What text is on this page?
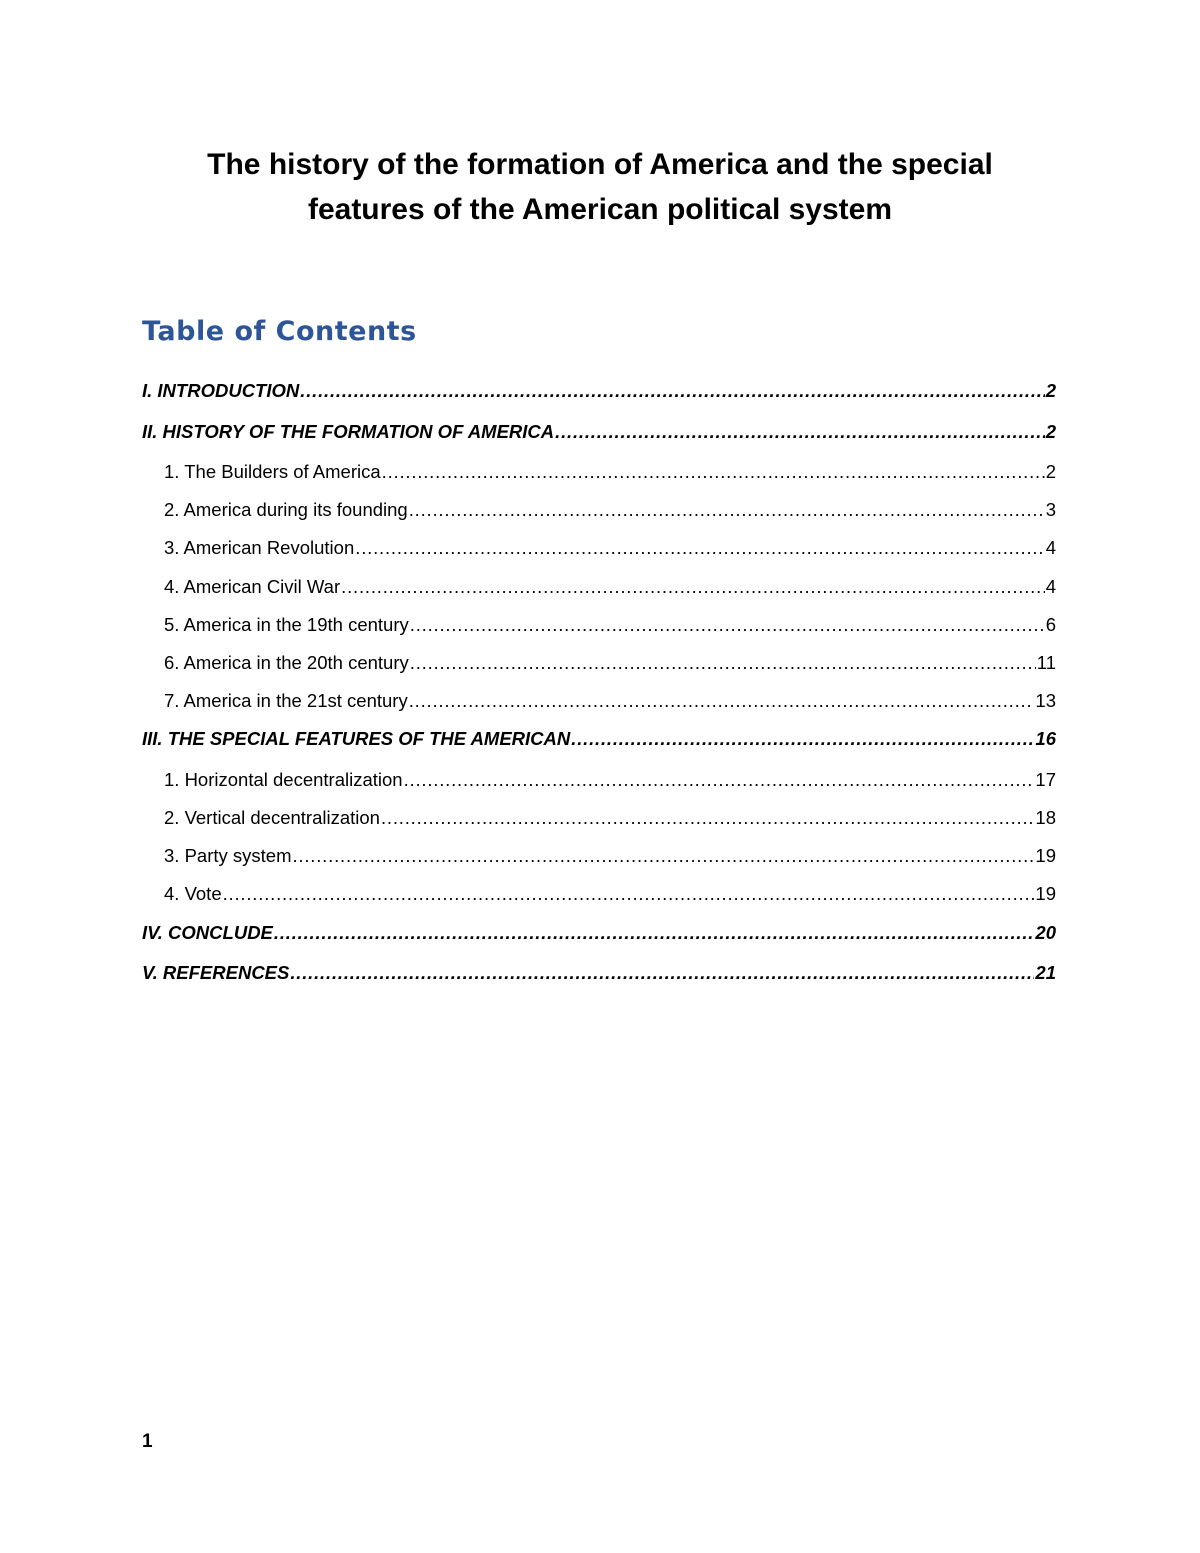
The history of the formation of America and the special
features of the American political system
Table of Contents
I. INTRODUCTION .....	2
II. HISTORY OF THE FORMATION OF AMERICA .....	2
1. The Builders of America .....	2
2. America during its founding .....	3
3. American Revolution .....	4
4. American Civil War .....	4
5. America in the 19th century .....	6
6. America in the 20th century .....	11
7. America in the 21st century .....	13
III. THE SPECIAL FEATURES OF THE AMERICAN .....	16
1. Horizontal decentralization .....	17
2. Vertical decentralization .....	18
3. Party system .....	19
4. Vote .....	19
IV. CONCLUDE .....	20
V. REFERENCES .....	21
1
